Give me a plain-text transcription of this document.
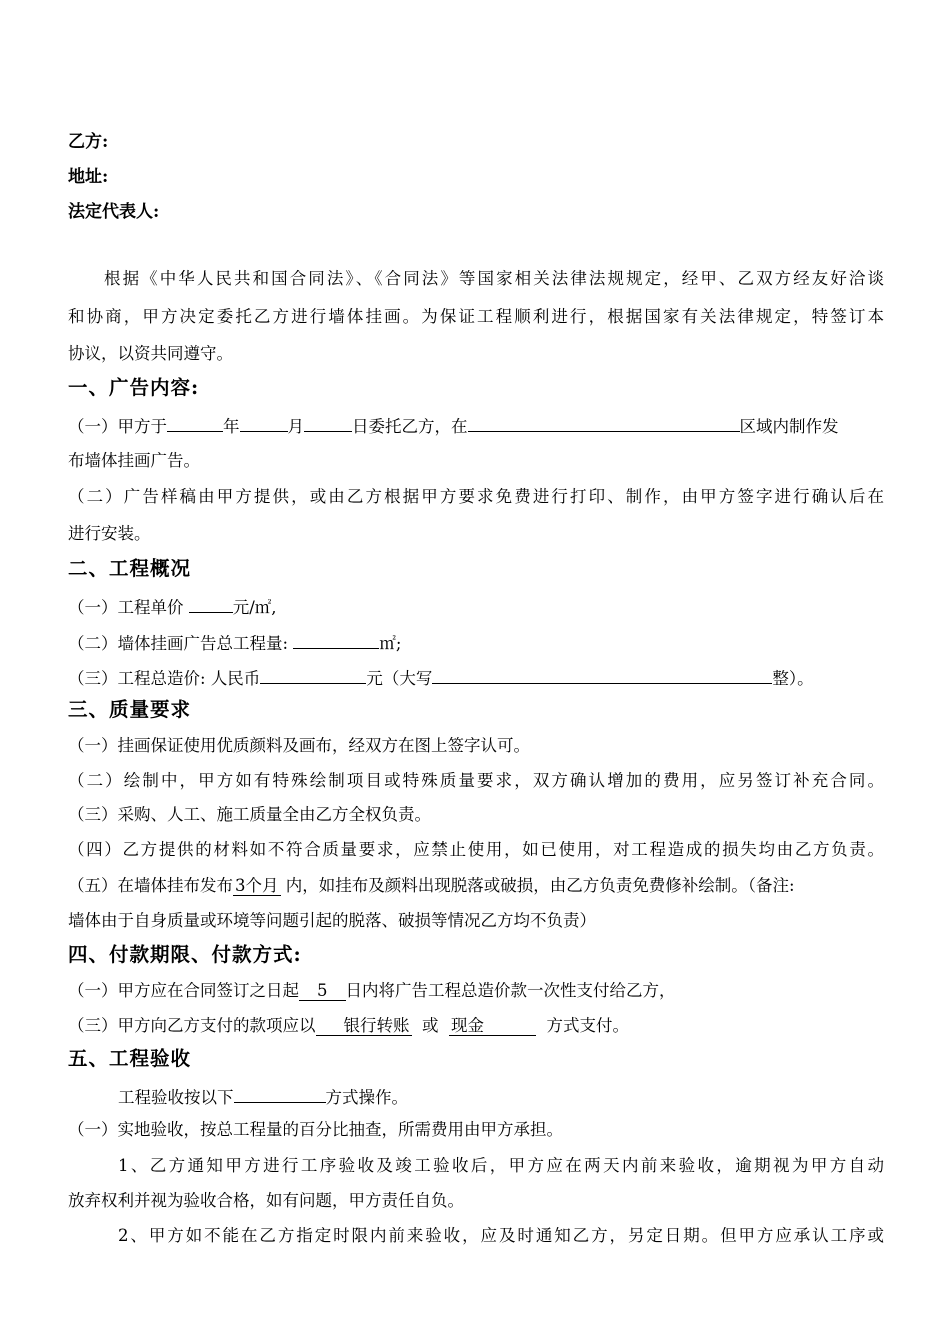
乙方:
地址:
法定代表人:
根据《中华人民共和国合同法》、《合同法》等国家相关法律法规规定，经甲、乙双方经友好洽谈
和协商，甲方决定委托乙方进行墙体挂画。为保证工程顺利进行，根据国家有关法律规定，特签订本
协议，以资共同遵守。
一、广告内容:
（一）甲方于	年	月	日委托乙方，在	区域内制作发
布墙体挂画广告。
（二）广告样稿由甲方提供，或由乙方根据甲方要求免费进行打印、制作，由甲方签字进行确认后在
进行安装。
二、工程概况
（一）工程单价	元/㎡,
（二）墙体挂画广告总工程量:	㎡;
（三）工程总造价: 人民币	元（大写	整）。
三、质量要求
（一）挂画保证使用优质颜料及画布，经双方在图上签字认可。
（二）绘制中，甲方如有特殊绘制项目或特殊质量要求，双方确认增加的费用，应另签订补充合同。
（三）采购、人工、施工质量全由乙方全权负责。
（四）乙方提供的材料如不符合质量要求，应禁止使用，如已使用，对工程造成的损失均由乙方负责。
（五）在墙体挂布发布 3个月 内，如挂布及颜料出现脱落或破损，由乙方负责免费修补绘制。（备注:
墙体由于自身质量或环境等问题引起的脱落、破损等情况乙方均不负责）
四、付款期限、付款方式:
（一）甲方应在合同签订之日起 5 日内将广告工程总造价款一次性支付给乙方，
（三）甲方向乙方支付的款项应以 银行转账 或 现金	方式支付。
五、工程验收
工程验收按以下	方式操作。
（一）实地验收，按总工程量的百分比抽查，所需费用由甲方承担。
1、乙方通知甲方进行工序验收及竣工验收后，甲方应在两天内前来验收，逾期视为甲方自动
放弃权利并视为验收合格，如有问题，甲方责任自负。
2、甲方如不能在乙方指定时限内前来验收，应及时通知乙方，另定日期。但甲方应承认工序或
